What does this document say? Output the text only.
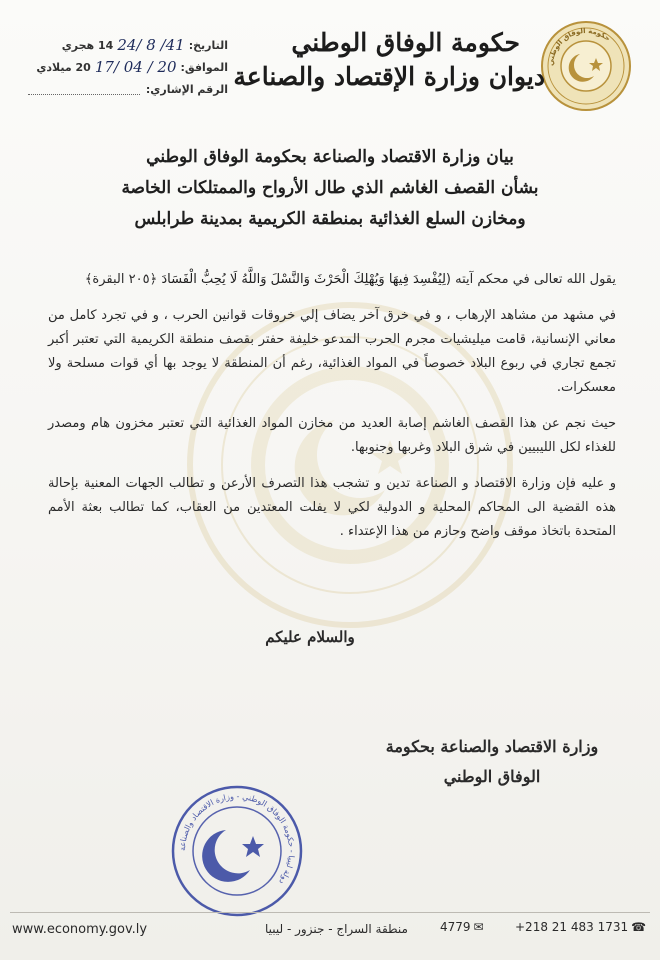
حكومة الوفاق الوطني
حكومة الوفاق الوطني
ديوان وزارة الإقتصاد والصناعة
التاريخ:
24/ 8 /41
14 هجري
الموافق:
17/ 04 / 20
20 ميلادي
الرقم الإشاري:
بيان وزارة الاقتصاد والصناعة بحكومة الوفاق الوطني
بشأن القصف الغاشم الذي طال الأرواح والممتلكات الخاصة
ومخازن السلع الغذائية بمنطقة الكريمية بمدينة طرابلس

يقول الله تعالى في محكم آيته (لِيُفْسِدَ فِيهَا وَيُهْلِكَ الْحَرْثَ وَالنَّسْلَ وَاللَّهُ لَا يُحِبُّ الْفَسَادَ ﴿٢٠٥ البقرة﴾

في مشهد من مشاهد الإرهاب ، و في خرق آخر يضاف إلي خروقات قوانين الحرب ، و في تجرد كامل من معاني الإنسانية، قامت ميليشيات مجرم الحرب المدعو خليفة حفتر بقصف منطقة الكريمية التي تعتبر أكبر تجمع تجاري في ربوع البلاد خصوصاً في المواد الغذائية، رغم أن المنطقة لا يوجد بها أي قوات مسلحة ولا معسكرات.

حيث نجم عن هذا القصف الغاشم إصابة العديد من مخازن المواد الغذائية التي تعتبر مخزون هام ومصدر للغذاء لكل الليبيين في شرق البلاد وغربها وجنوبها.

و عليه فإن وزارة الاقتصاد و الصناعة تدين و تشجب هذا التصرف الأرعن و تطالب الجهات المعنية بإحالة هذه القضية الى المحاكم المحلية و الدولية لكي لا يفلت المعتدين من العقاب، كما تطالب بعثة الأمم المتحدة باتخاذ موقف واضح وحازم من هذا الإعتداء .

والسلام عليكم
وزارة الاقتصاد والصناعة بحكومة
الوفاق الوطني
دولة ليبيا - حكومة الوفاق الوطني - وزارة الاقتصاد والصناعة
www.economy.gov.ly	منطقة السراج - جنزور - ليبيا	4779 ✉	+218 21 483 1731 ☎
